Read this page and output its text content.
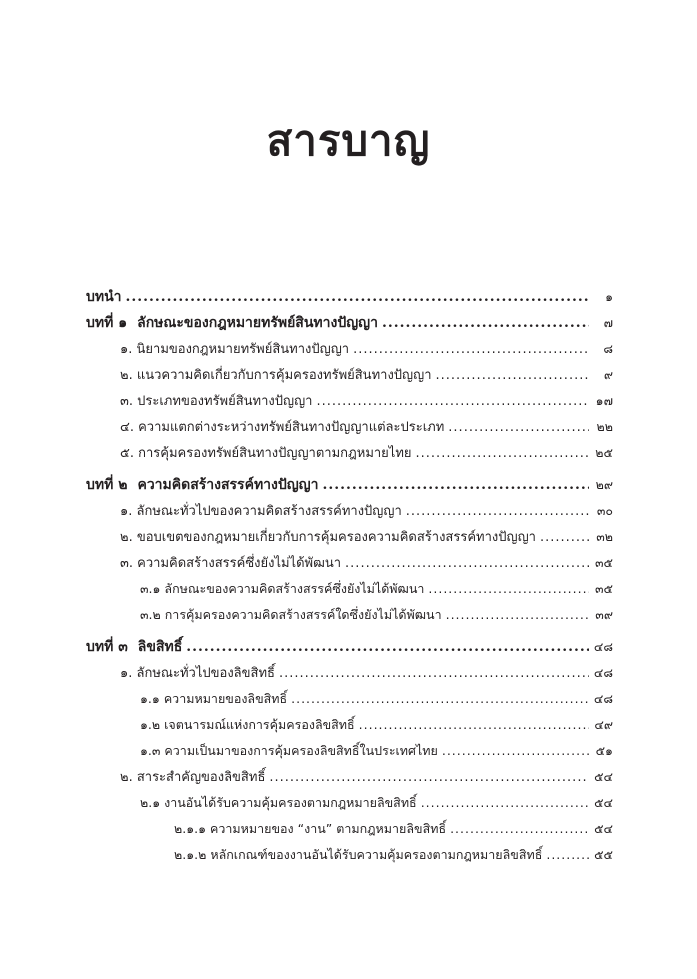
สารบาญ
บทนำ .....	๑
บทที่ ๑ ลักษณะของกฎหมายทรัพย์สินทางปัญญา .....	๗
๑. นิยามของกฎหมายทรัพย์สินทางปัญญา .....	๘
๒. แนวความคิดเกี่ยวกับการคุ้มครองทรัพย์สินทางปัญญา .....	๙
๓. ประเภทของทรัพย์สินทางปัญญา .....	๑๗
๔. ความแตกต่างระหว่างทรัพย์สินทางปัญญาแต่ละประเภท .....	๒๒
๕. การคุ้มครองทรัพย์สินทางปัญญาตามกฎหมายไทย .....	๒๕
บทที่ ๒ ความคิดสร้างสรรค์ทางปัญญา .....	๒๙
๑. ลักษณะทั่วไปของความคิดสร้างสรรค์ทางปัญญา .....	๓๐
๒. ขอบเขตของกฎหมายเกี่ยวกับการคุ้มครองความคิดสร้างสรรค์ทางปัญญา .....	๓๒
๓. ความคิดสร้างสรรค์ซึ่งยังไม่ได้พัฒนา .....	๓๕
๓.๑ ลักษณะของความคิดสร้างสรรค์ซึ่งยังไม่ได้พัฒนา .....	๓๕
๓.๒ การคุ้มครองความคิดสร้างสรรค์ใดซึ่งยังไม่ได้พัฒนา .....	๓๙
บทที่ ๓ ลิขสิทธิ์ .....	๔๘
๑. ลักษณะทั่วไปของลิขสิทธิ์ .....	๔๘
๑.๑ ความหมายของลิขสิทธิ์ .....	๔๘
๑.๒ เจตนารมณ์แห่งการคุ้มครองลิขสิทธิ์ .....	๔๙
๑.๓ ความเป็นมาของการคุ้มครองลิขสิทธิ์ในประเทศไทย .....	๕๑
๒. สาระสำคัญของลิขสิทธิ์ .....	๕๔
๒.๑ งานอันได้รับความคุ้มครองตามกฎหมายลิขสิทธิ์ .....	๕๔
๒.๑.๑ ความหมายของ “งาน” ตามกฎหมายลิขสิทธิ์ .....	๕๔
๒.๑.๒ หลักเกณฑ์ของงานอันได้รับความคุ้มครองตามกฎหมายลิขสิทธิ์ .....	๕๕
